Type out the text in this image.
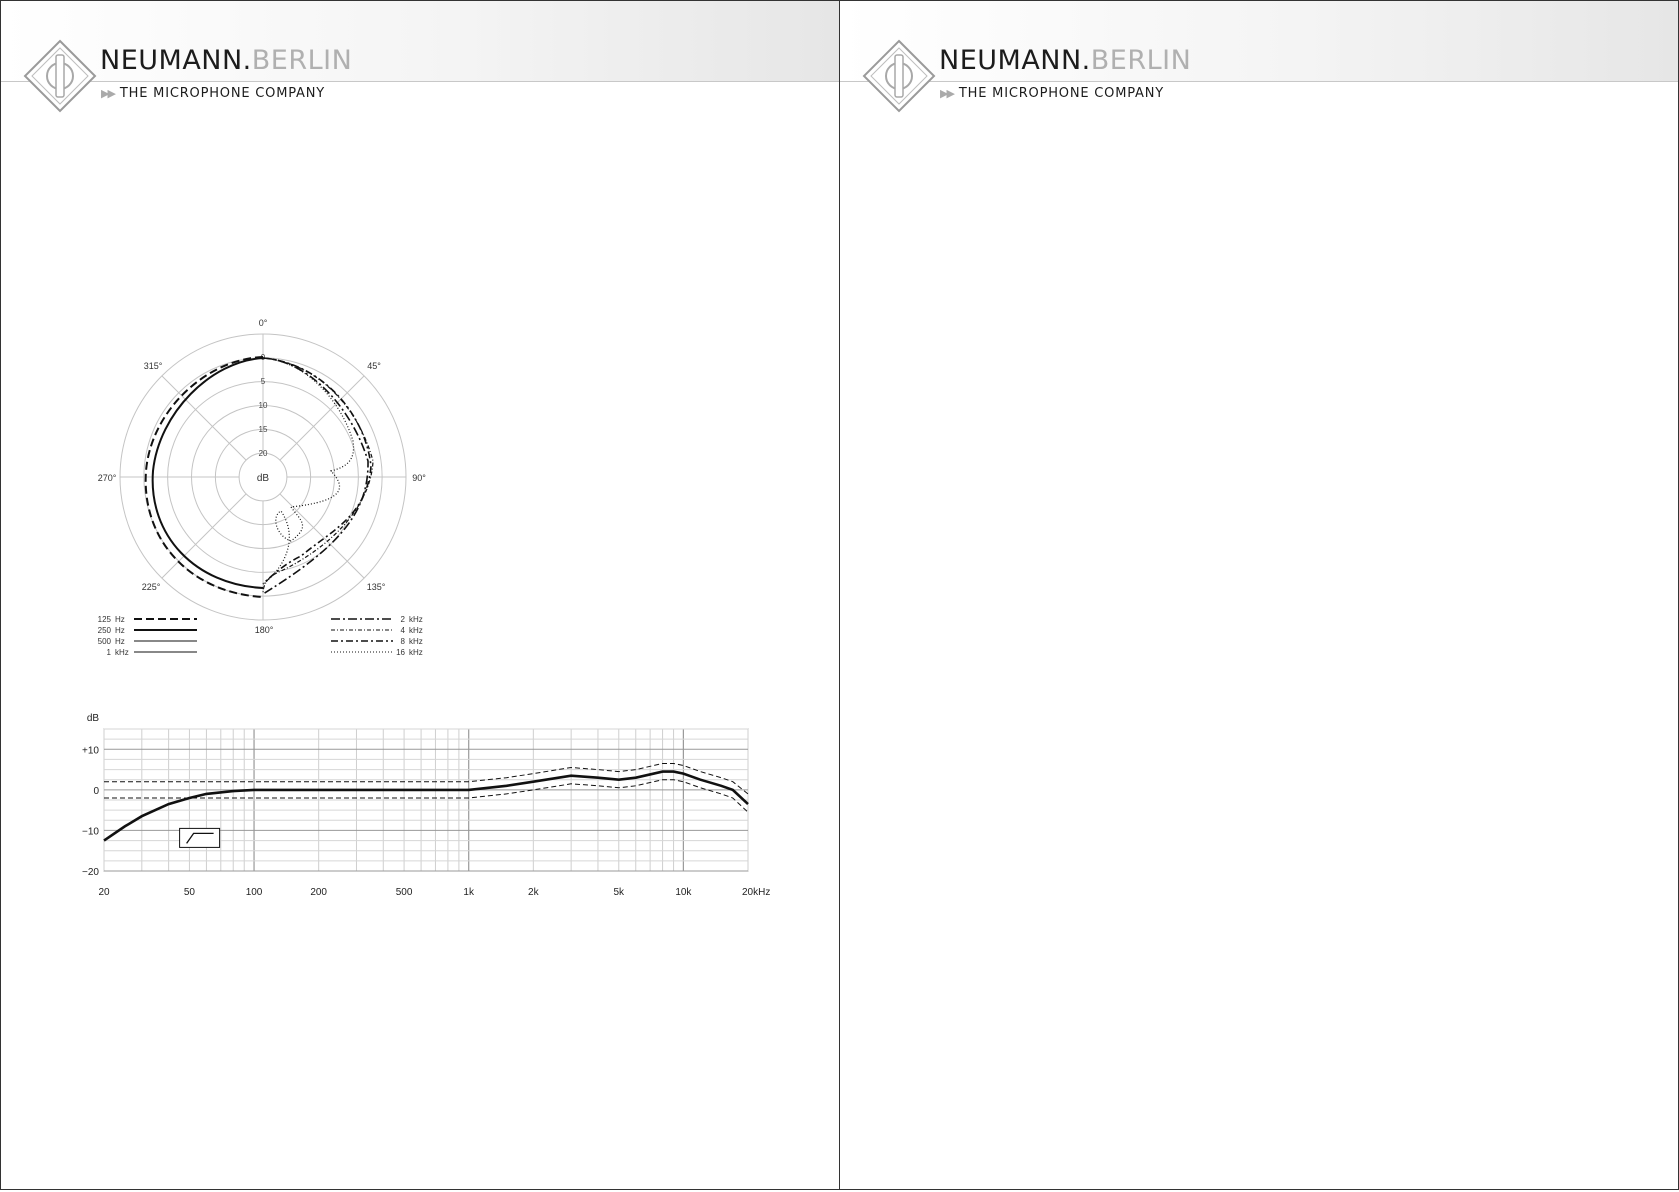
NEUMANN.BERLIN
▶▶ THE MICROPHONE COMPANY
0°
45°
90°
135°
180°
225°
270°
315°
0
5
10
15
20
dB
125 Hz
250 Hz
500 Hz
1 kHz
2 kHz
4 kHz
8 kHz
16 kHz
dB
+10
0
−10
−20
20	50	100	200	500	1k	2k	5k	10k	20kHz
NEUMANN.BERLIN
▶▶ THE MICROPHONE COMPANY
